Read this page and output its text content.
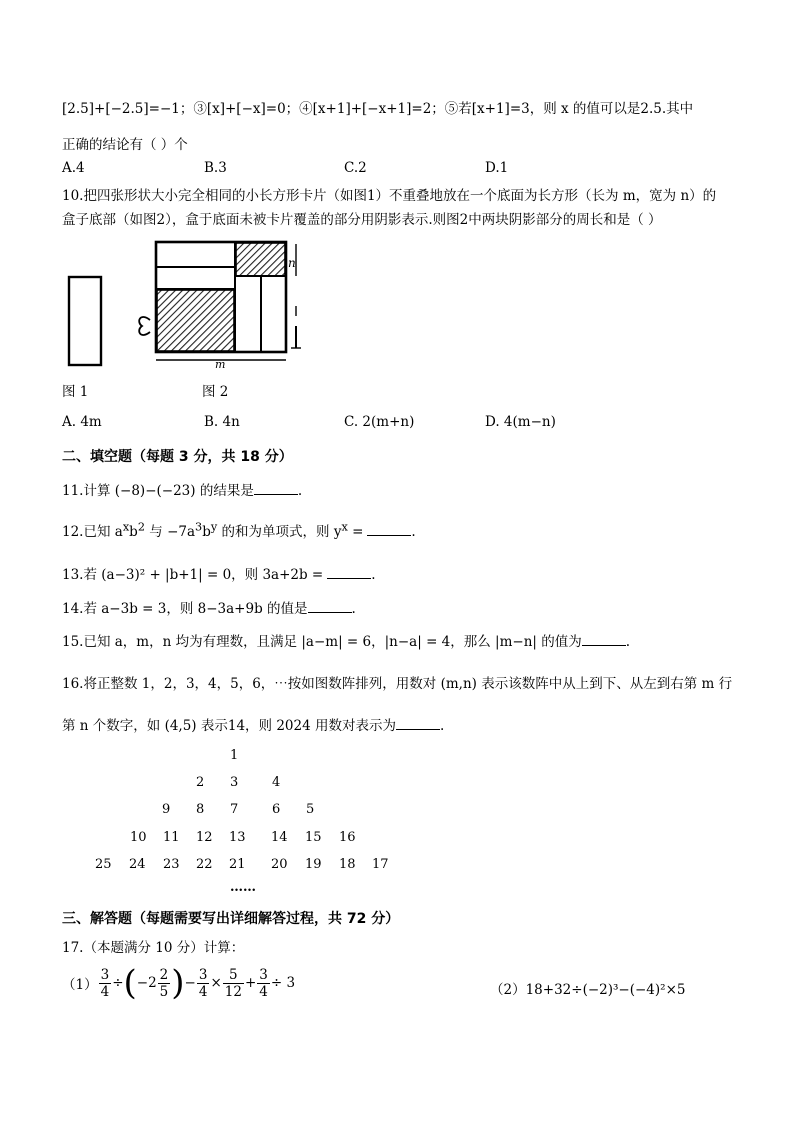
[2.5]+[−2.5]=−1；③[x]+[−x]=0；④[x+1]+[−x+1]=2；⑤若[x+1]=3，则 x 的值可以是2.5.其中
正确的结论有（ ）个
A.4	B.3	C.2	D.1
10.把四张形状大小完全相同的小长方形卡片（如图1）不重叠地放在一个底面为长方形（长为 m，宽为 n）的
盒子底部（如图2），盒于底面未被卡片覆盖的部分用阴影表示.则图2中两块阴影部分的周长和是（ ）
n
m
图 1	图 2
A. 4m	B. 4n	C. 2(m+n)	D. 4(m−n)
二、填空题（每题 3 分，共 18 分）
11.计算 (−8)−(−23) 的结果是	.
12.已知 $a^xb^2$ 与 $-7a^3b^y$ 的和为单项式，则 $y^x$ =	.
13.若 (a−3)² + |b+1| = 0，则 3a+2b =	.
14.若 a−3b = 3，则 8−3a+9b 的值是	.
15.已知 a，m，n 均为有理数，且满足 |a−m| = 6，|n−a| = 4，那么 |m−n| 的值为	.
16.将正整数 1，2，3，4，5，6，⋯按如图数阵排列，用数对 (m,n) 表示该数阵中从上到下、从左到右第 m 行
第 n 个数字，如 (4,5) 表示14，则 2024 用数对表示为	.
1
2 3	4
9 8 7	6 5
10 11 12 13 14 15 16
25 24 23 22 21 20 19 18 17
……
三、解答题（每题需要写出详细解答过程，共 72 分）
17.（本题满分 10 分）计算：
$(1) \frac{3}{4}$ ÷ ( $-2 \frac{2}{5}$ ) − $\frac{3}{4} \times \frac{5}{12} + \frac{3}{4} \div 3$	（2）18+32÷(−2)³−(−4)²×5
